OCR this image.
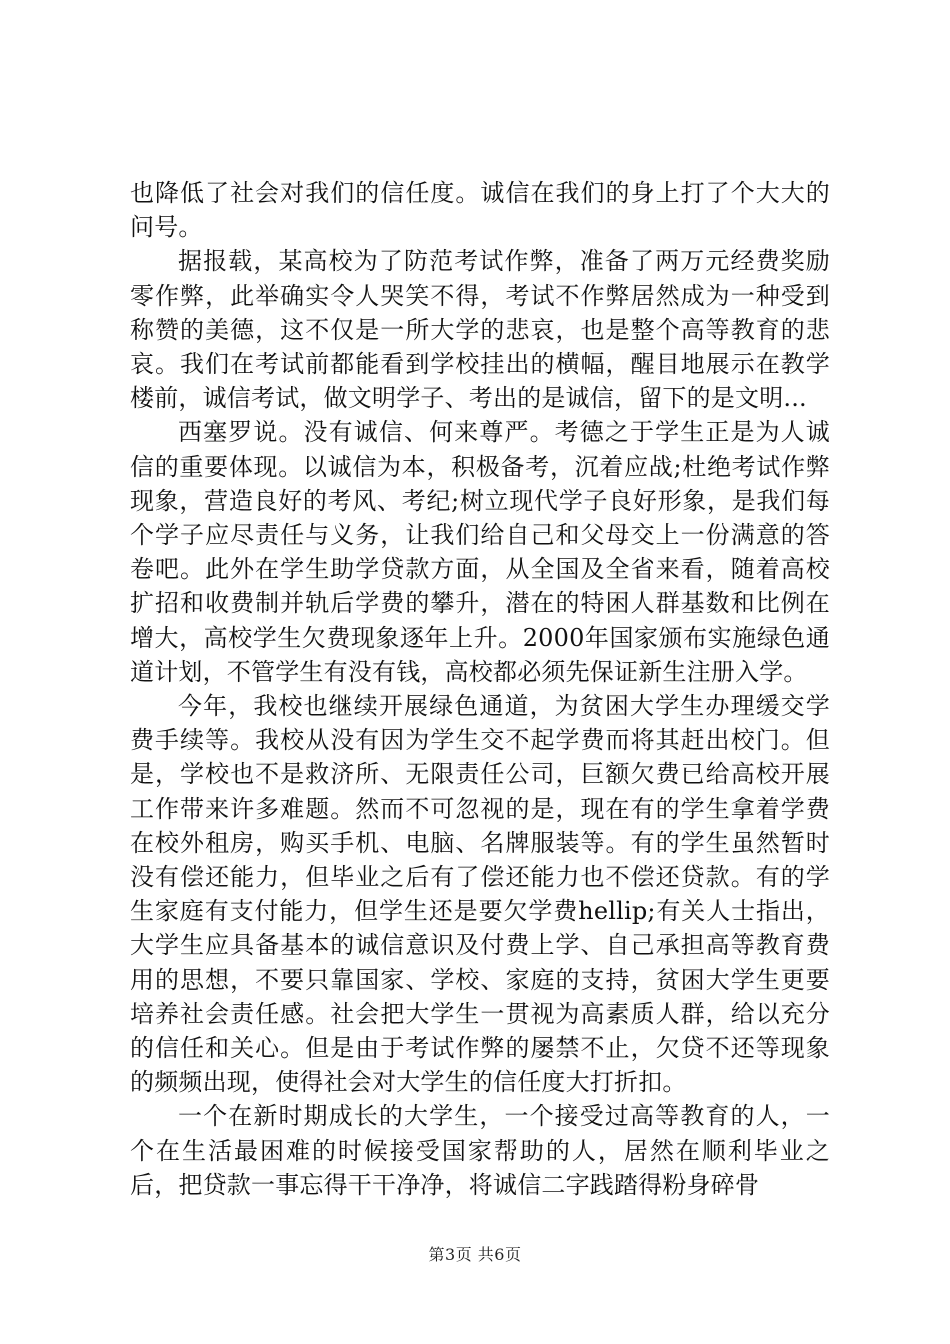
也降低了社会对我们的信任度。诚信在我们的身上打了个大大的问号。

据报载，某高校为了防范考试作弊，准备了两万元经费奖励零作弊，此举确实令人哭笑不得，考试不作弊居然成为一种受到称赞的美德，这不仅是一所大学的悲哀，也是整个高等教育的悲哀。我们在考试前都能看到学校挂出的横幅，醒目地展示在教学楼前，诚信考试，做文明学子、考出的是诚信，留下的是文明...

西塞罗说。没有诚信、何来尊严。考德之于学生正是为人诚信的重要体现。以诚信为本，积极备考，沉着应战;杜绝考试作弊现象，营造良好的考风、考纪;树立现代学子良好形象，是我们每个学子应尽责任与义务，让我们给自己和父母交上一份满意的答卷吧。此外在学生助学贷款方面，从全国及全省来看，随着高校扩招和收费制并轨后学费的攀升，潜在的特困人群基数和比例在增大，高校学生欠费现象逐年上升。2000年国家颁布实施绿色通道计划，不管学生有没有钱，高校都必须先保证新生注册入学。

今年，我校也继续开展绿色通道，为贫困大学生办理缓交学费手续等。我校从没有因为学生交不起学费而将其赶出校门。但是，学校也不是救济所、无限责任公司，巨额欠费已给高校开展工作带来许多难题。然而不可忽视的是，现在有的学生拿着学费在校外租房，购买手机、电脑、名牌服装等。有的学生虽然暂时没有偿还能力，但毕业之后有了偿还能力也不偿还贷款。有的学生家庭有支付能力，但学生还是要欠学费hellip;有关人士指出，大学生应具备基本的诚信意识及付费上学、自己承担高等教育费用的思想，不要只靠国家、学校、家庭的支持，贫困大学生更要培养社会责任感。社会把大学生一贯视为高素质人群，给以充分的信任和关心。但是由于考试作弊的屡禁不止，欠贷不还等现象的频频出现，使得社会对大学生的信任度大打折扣。

一个在新时期成长的大学生，一个接受过高等教育的人，一个在生活最困难的时候接受国家帮助的人，居然在顺利毕业之后，把贷款一事忘得干干净净，将诚信二字践踏得粉身碎骨

第3页 共6页
